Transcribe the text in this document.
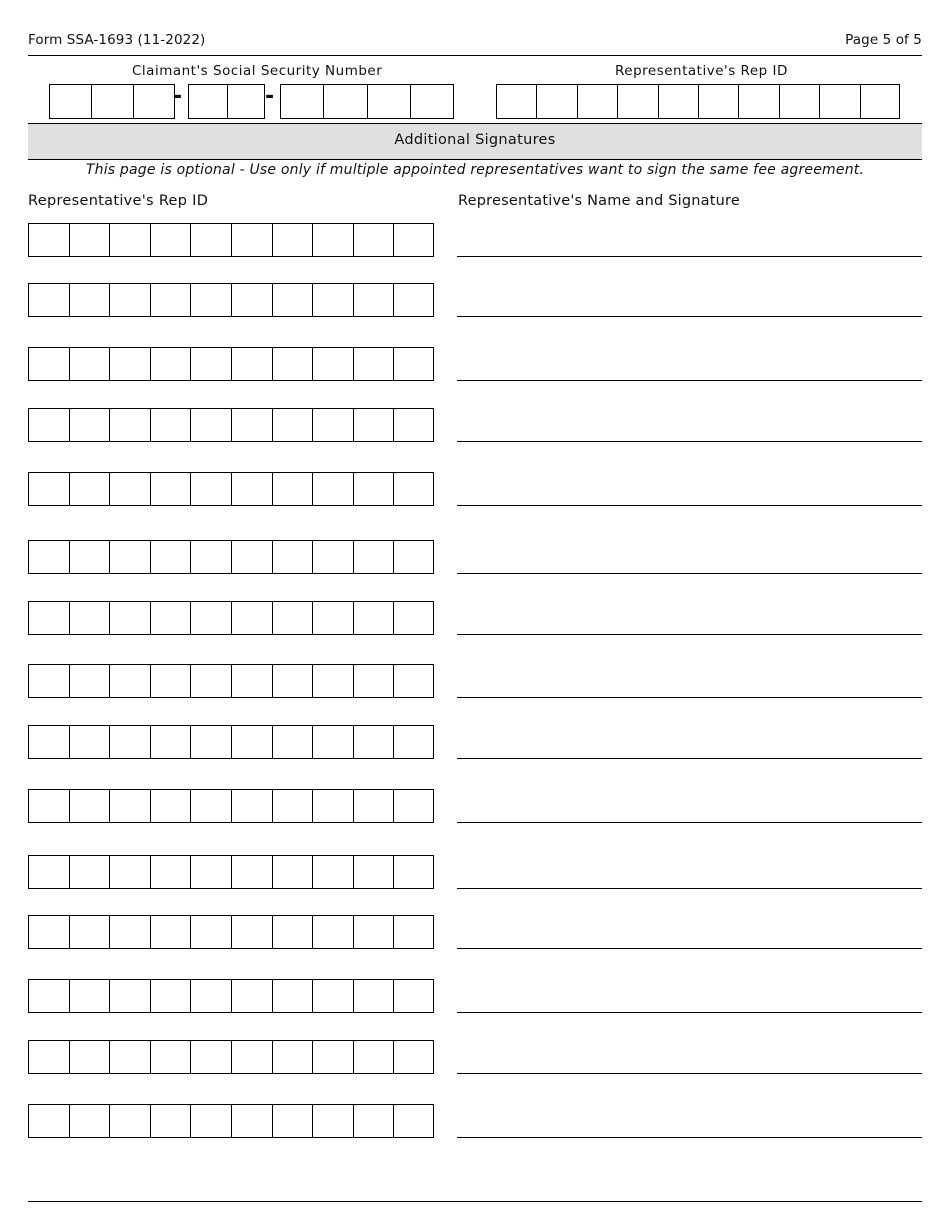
Form SSA-1693 (11-2022)	Page 5 of 5
Claimant's Social Security Number	Representative's Rep ID
-	-
Additional Signatures
This page is optional - Use only if multiple appointed representatives want to sign the same fee agreement.
Representative's Rep ID	Representative's Name and Signature
